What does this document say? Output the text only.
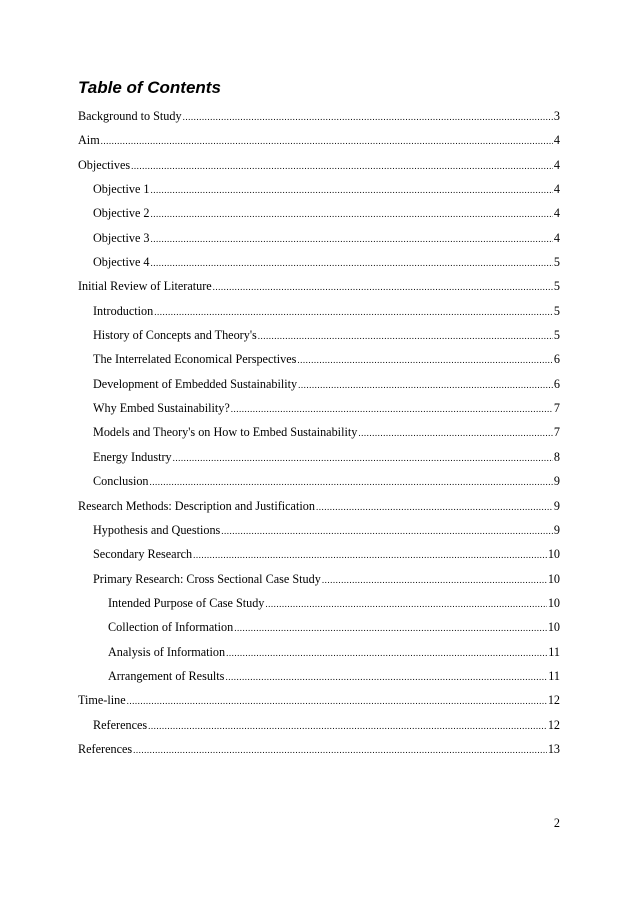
Table of Contents
Background to Study .....	3
Aim .....	4
Objectives .....	4
Objective 1 .....	4
Objective 2 .....	4
Objective 3 .....	4
Objective 4 .....	5
Initial Review of Literature .....	5
Introduction .....	5
History of Concepts and Theory's .....	5
The Interrelated Economical Perspectives .....	6
Development of Embedded Sustainability .....	6
Why Embed Sustainability? .....	7
Models and Theory's on How to Embed Sustainability .....	7
Energy Industry .....	8
Conclusion .....	9
Research Methods: Description and Justification .....	9
Hypothesis and Questions .....	9
Secondary Research .....	10
Primary Research: Cross Sectional Case Study .....	10
Intended Purpose of Case Study .....	10
Collection of Information .....	10
Analysis of Information .....	11
Arrangement of Results .....	11
Time-line .....	12
References .....	12
References .....	13
2
